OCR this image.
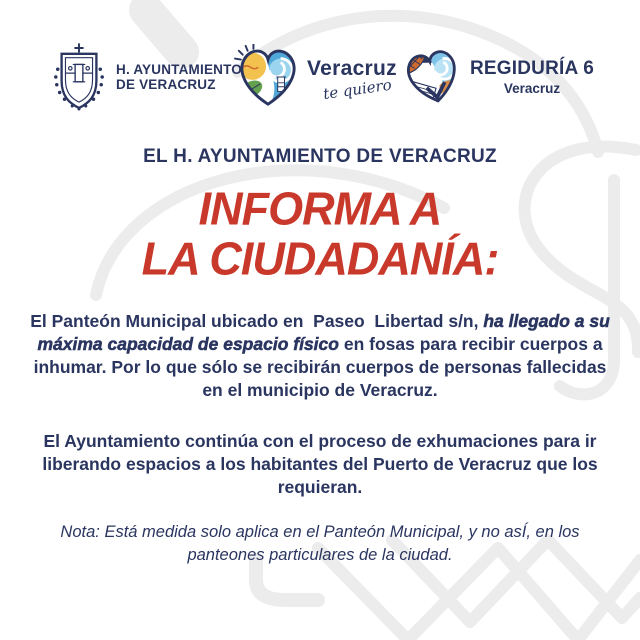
H. AYUNTAMIENTO
DE VERACRUZ
Veracruz
te quiero
REGIDURÍA 6
Veracruz
EL H. AYUNTAMIENTO DE VERACRUZ
INFORMA A
LA CIUDADANÍA:

El Panteón Municipal ubicado en  Paseo  Libertad s/n, ha llegado a su máxima capacidad de espacio físico en fosas para recibir cuerpos a inhumar. Por lo que sólo se recibirán cuerpos de personas fallecidas en el municipio de Veracruz.

El Ayuntamiento continúa con el proceso de exhumaciones para ir liberando espacios a los habitantes del Puerto de Veracruz que los requieran.

Nota: Está medida solo aplica en el Panteón Municipal, y no asÍ, en los panteones particulares de la ciudad.
